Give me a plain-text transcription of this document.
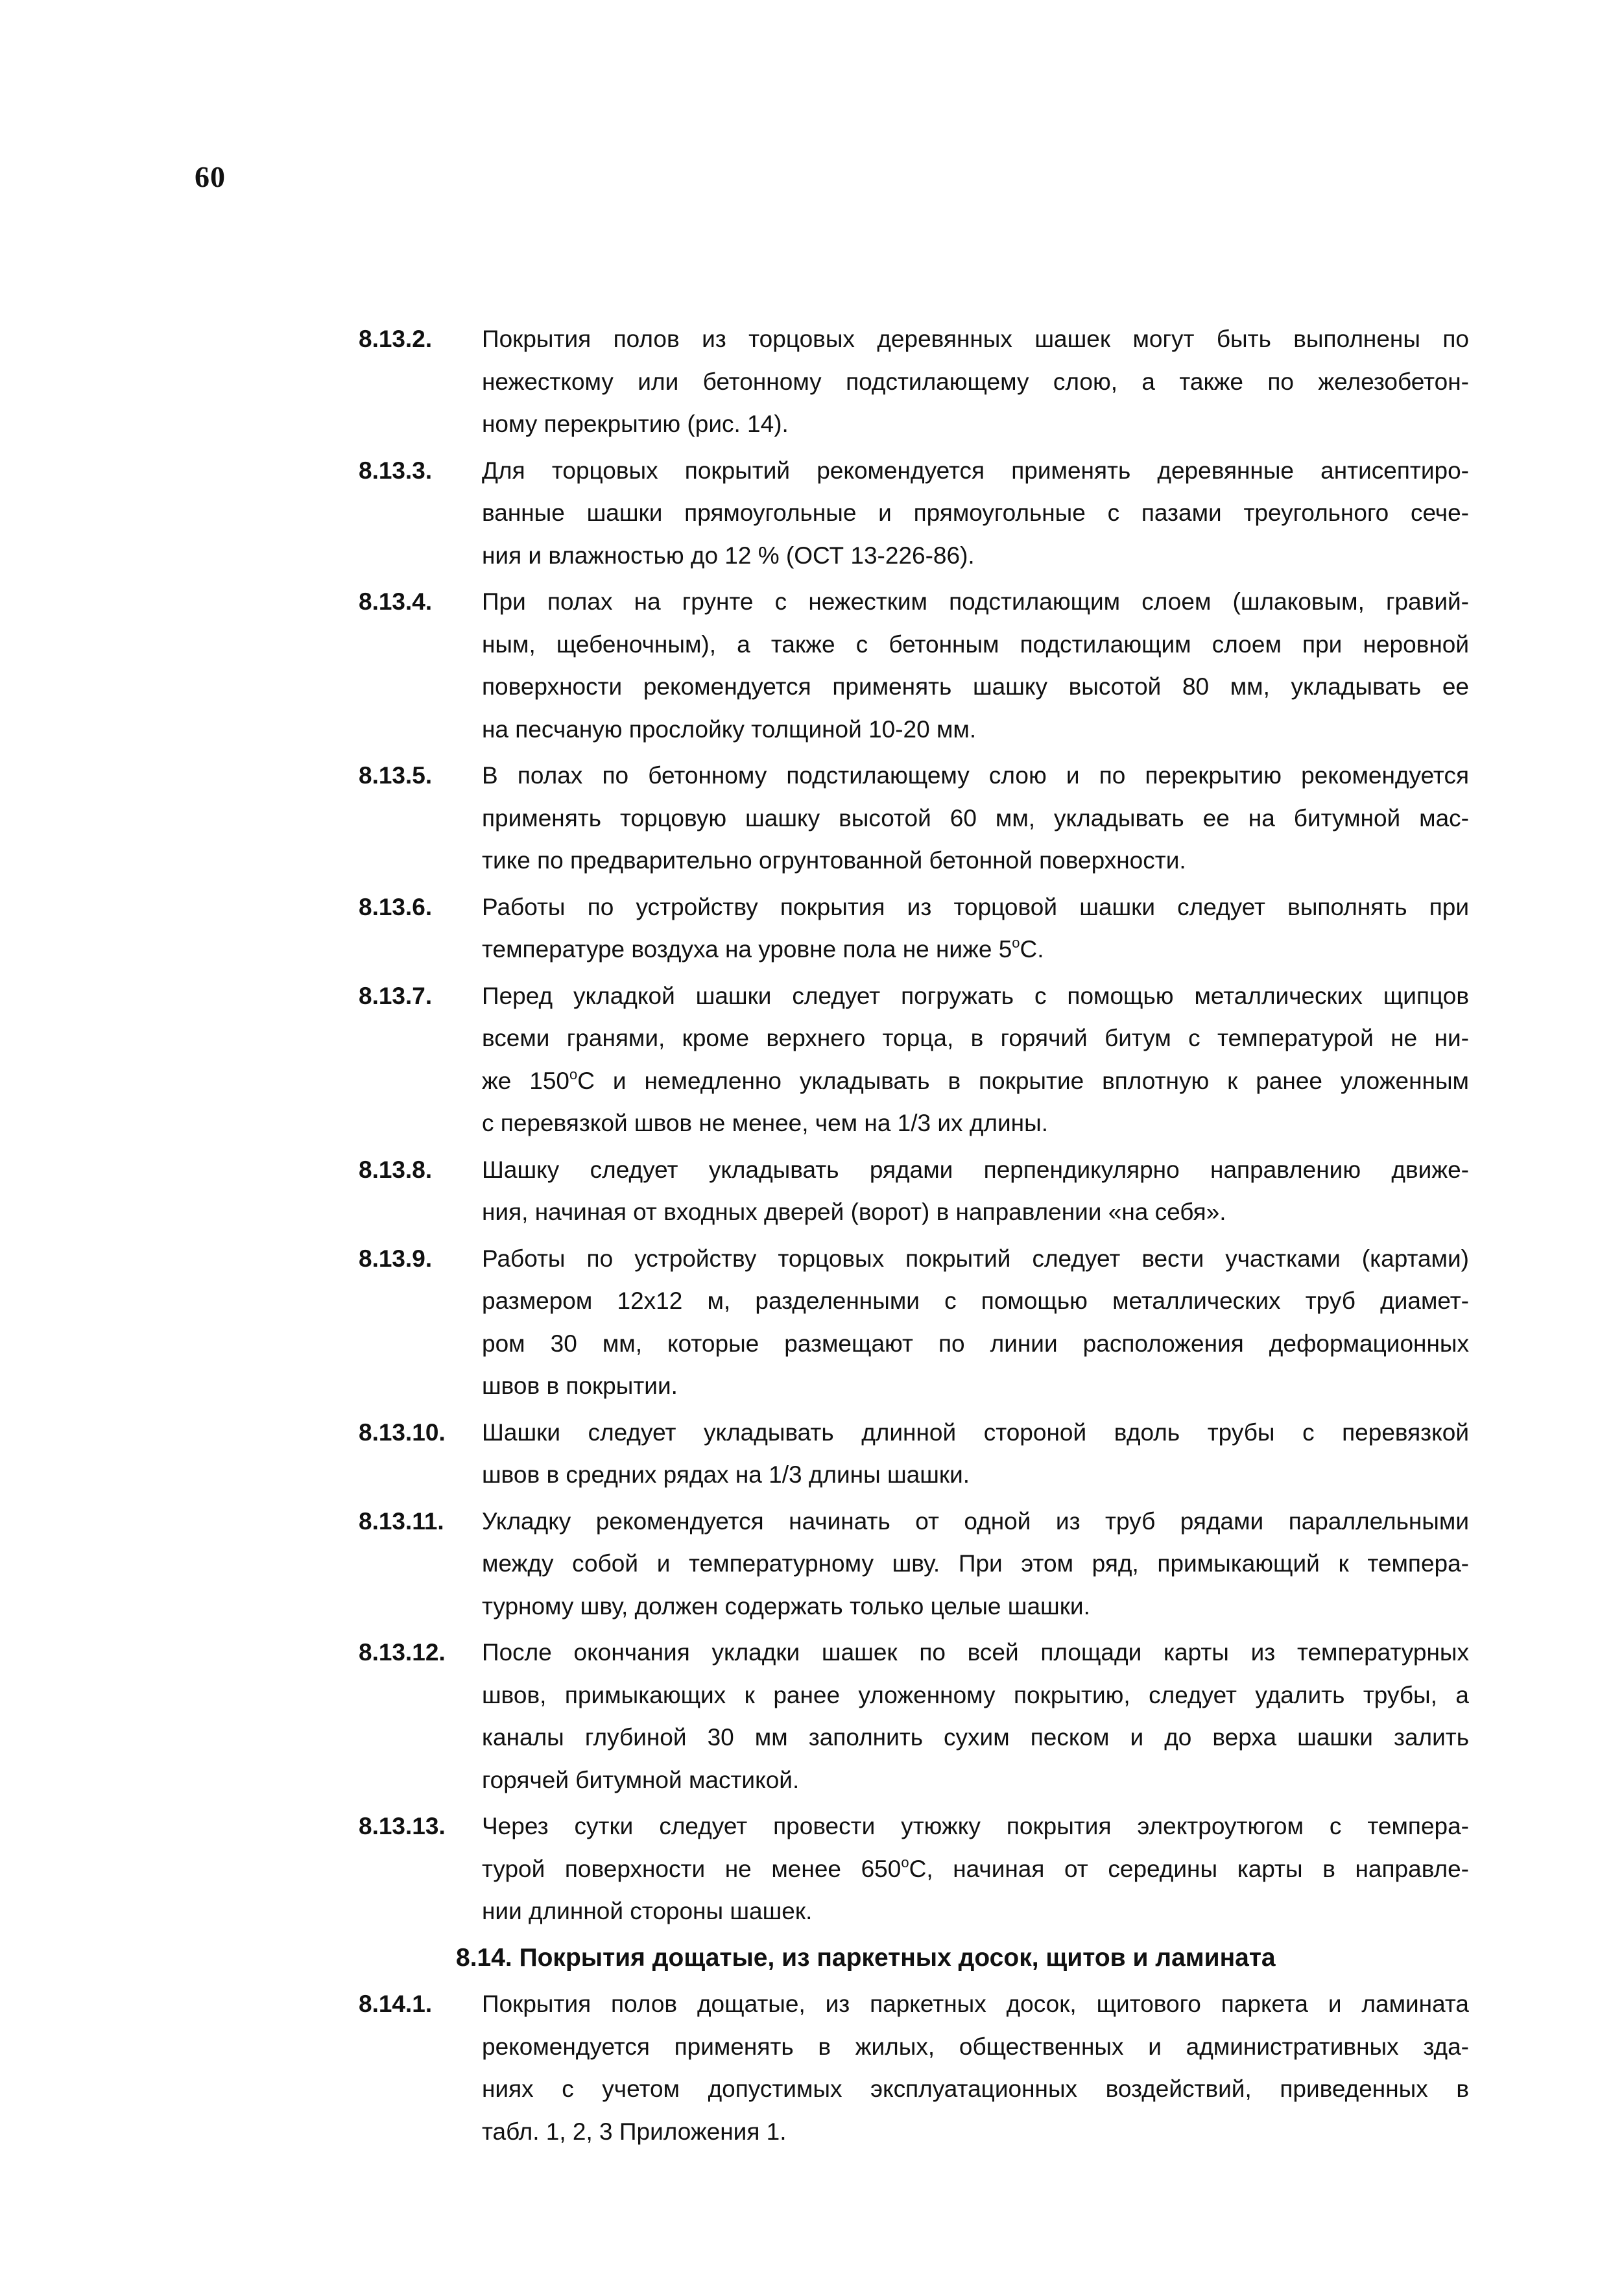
60
8.13.2.	Покрытия полов из торцовых деревянных шашек могут быть выполнены по
нежесткому или бетонному подстилающему слою, а также по железобетон-
ному перекрытию (рис. 14).
8.13.3.	Для торцовых покрытий рекомендуется применять деревянные антисептиро-
ванные шашки прямоугольные и прямоугольные с пазами треугольного сече-
ния и влажностью до 12 % (ОСТ 13-226-86).
8.13.4.	При полах на грунте с нежестким подстилающим слоем (шлаковым, гравий-
ным, щебеночным), а также с бетонным подстилающим слоем при неровной
поверхности рекомендуется применять шашку высотой 80 мм, укладывать ее
на песчаную прослойку толщиной 10-20 мм.
8.13.5.	В полах по бетонному подстилающему слою и по перекрытию рекомендуется
применять торцовую шашку высотой 60 мм, укладывать ее на битумной мас-
тике по предварительно огрунтованной бетонной поверхности.
8.13.6.	Работы по устройству покрытия из торцовой шашки следует выполнять при
температуре воздуха на уровне пола не ниже $5^оС$.
8.13.7.	Перед укладкой шашки следует погружать с помощью металлических щипцов
всеми гранями, кроме верхнего торца, в горячий битум с температурой не ни-
же $150^оС$ и немедленно укладывать в покрытие вплотную к ранее уложенным
с перевязкой швов не менее, чем на 1/3 их длины.
8.13.8.	Шашку следует укладывать рядами перпендикулярно направлению движе-
ния, начиная от входных дверей (ворот) в направлении «на себя».
8.13.9.	Работы по устройству торцовых покрытий следует вести участками (картами)
размером 12х12 м, разделенными с помощью металлических труб диамет-
ром 30 мм, которые размещают по линии расположения деформационных
швов в покрытии.
8.13.10.	Шашки следует укладывать длинной стороной вдоль трубы с перевязкой
швов в средних рядах на 1/3 длины шашки.
8.13.11.	Укладку рекомендуется начинать от одной из труб рядами параллельными
между собой и температурному шву. При этом ряд, примыкающий к темпера-
турному шву, должен содержать только целые шашки.
8.13.12.	После окончания укладки шашек по всей площади карты из температурных
швов, примыкающих к ранее уложенному покрытию, следует удалить трубы, а
каналы глубиной 30 мм заполнить сухим песком и до верха шашки залить
горячей битумной мастикой.
8.13.13.	Через сутки следует провести утюжку покрытия электроутюгом с темпера-
турой поверхности не менее $650^оС$, начиная от середины карты в направле-
нии длинной стороны шашек.
8.14. Покрытия дощатые, из паркетных досок, щитов и ламината
8.14.1.	Покрытия полов дощатые, из паркетных досок, щитового паркета и ламината
рекомендуется применять в жилых, общественных и административных зда-
ниях с учетом допустимых эксплуатационных воздействий, приведенных в
табл. 1, 2, 3 Приложения 1.
